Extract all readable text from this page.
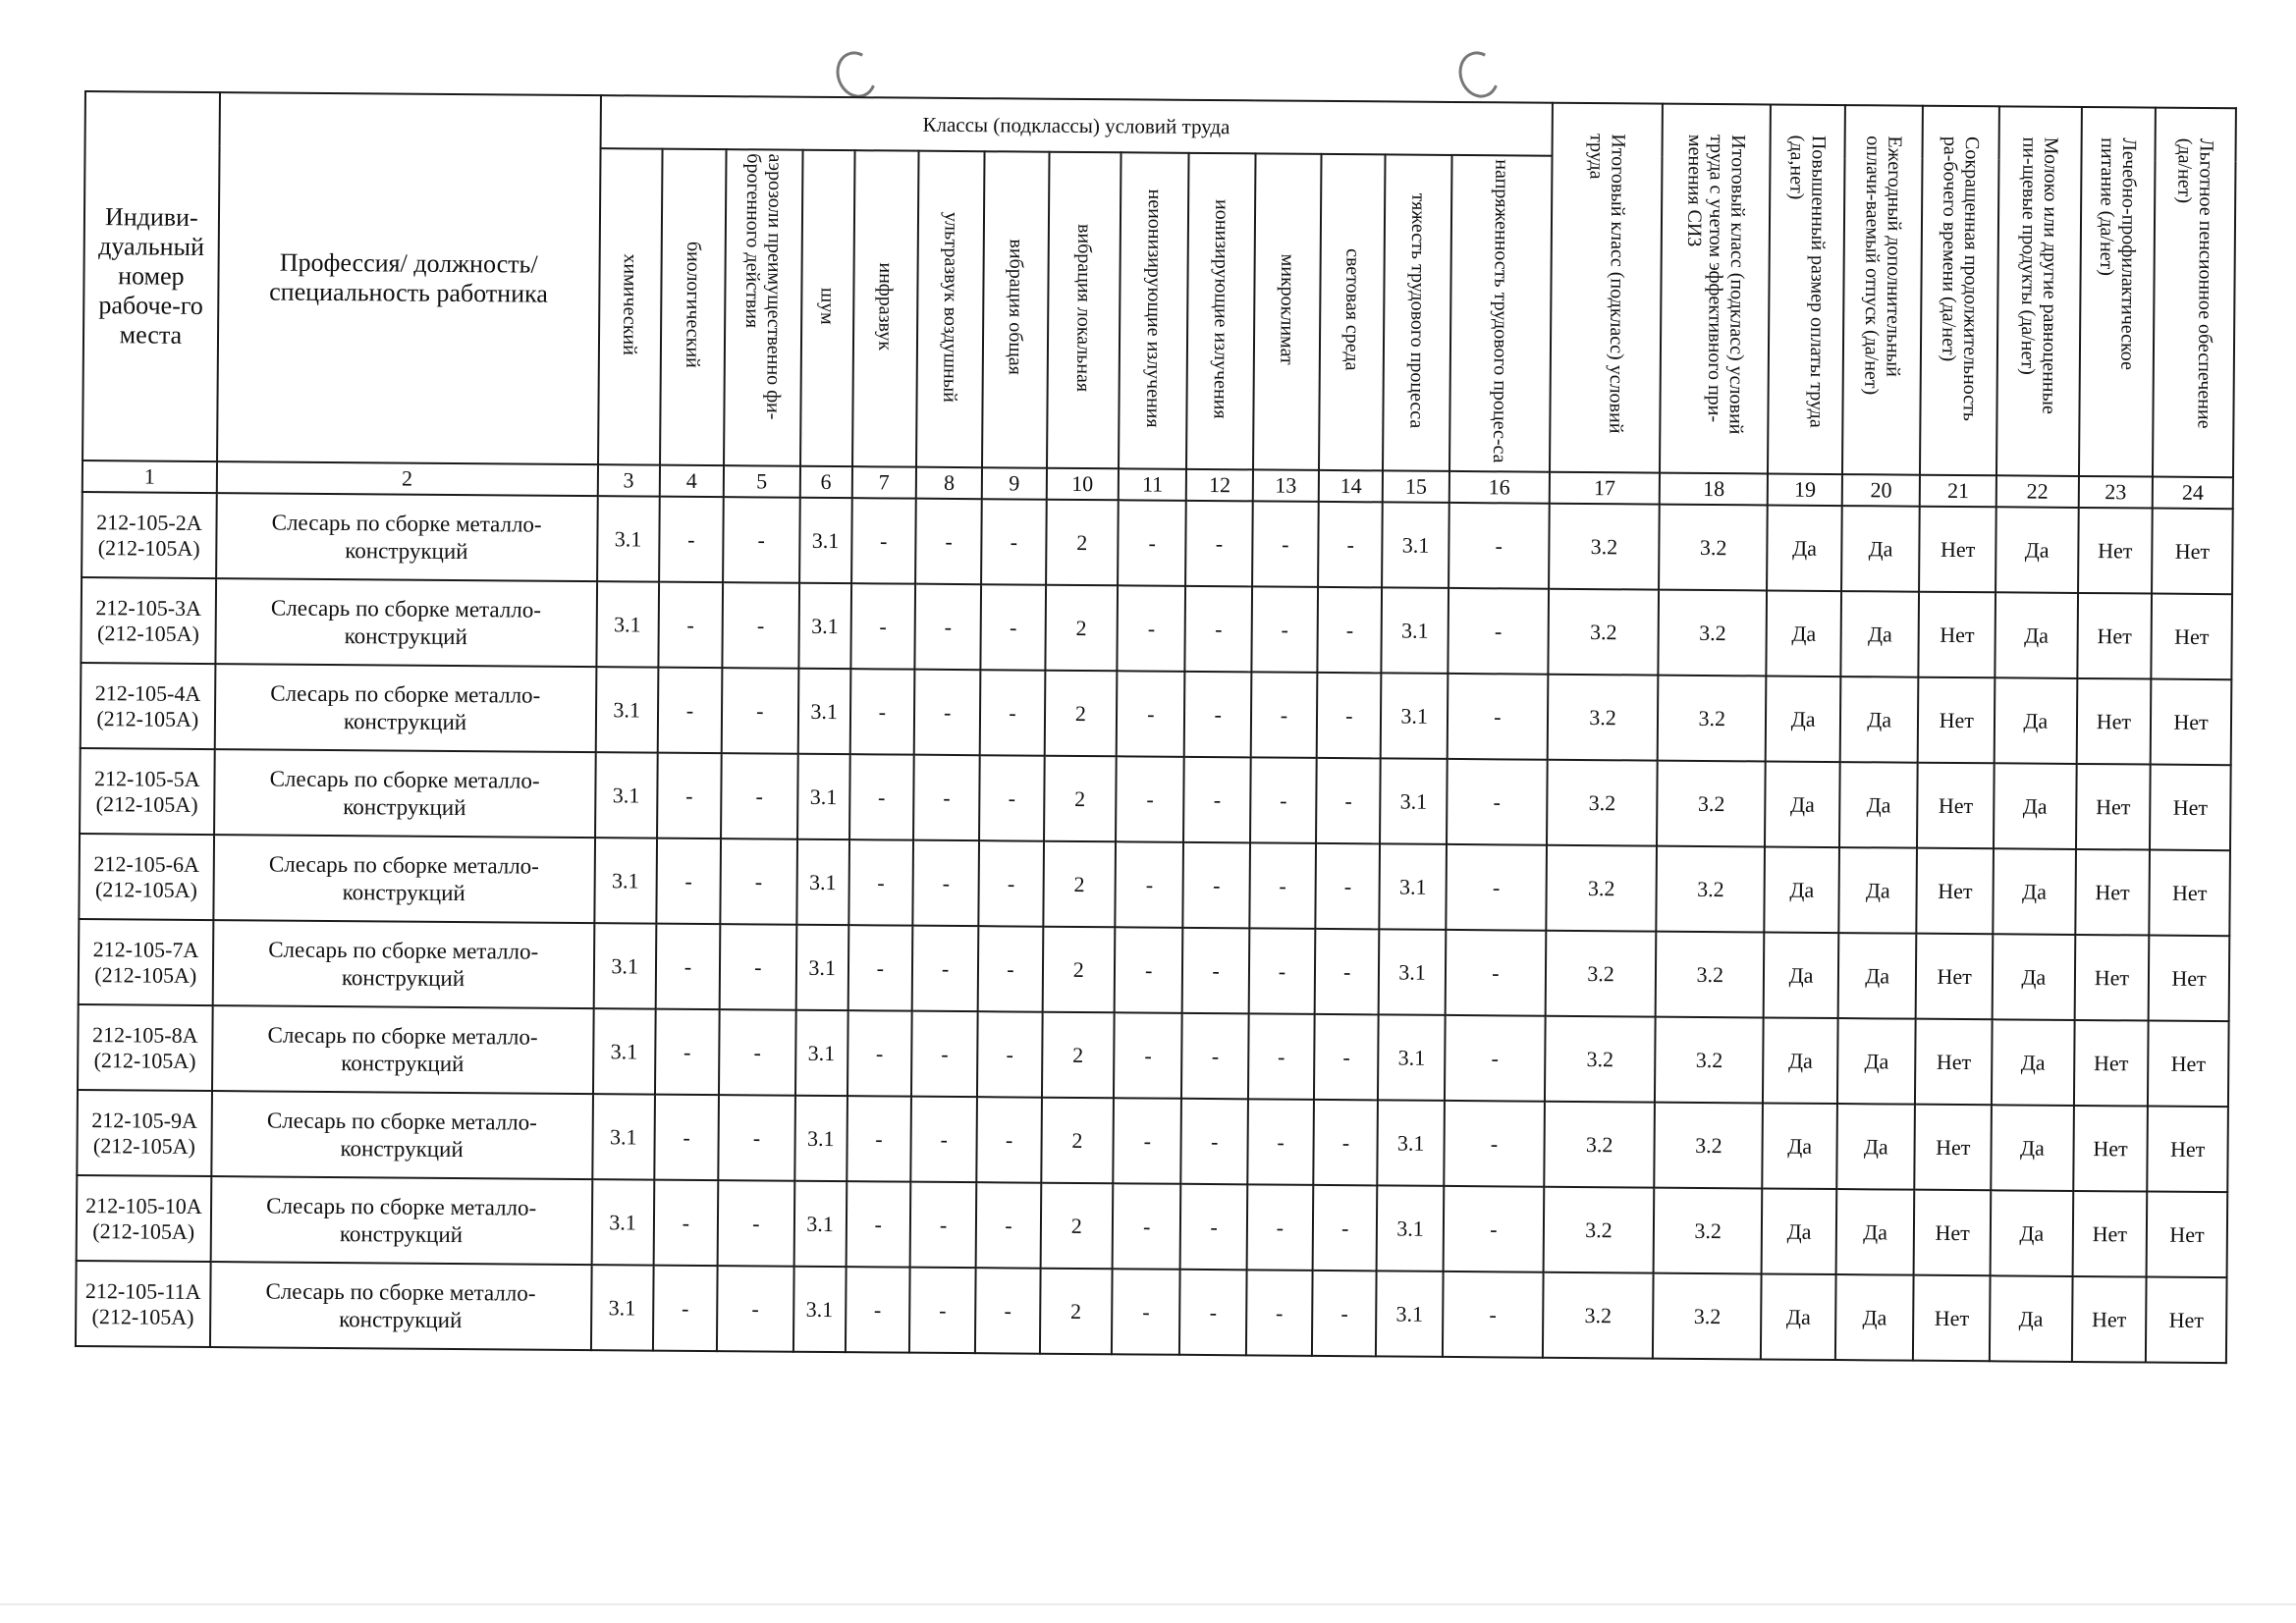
Индиви-дуальный номер рабоче-го места	Профессия/ должность/ специальность работника	Классы (подклассы) условий труда														Итоговый класс (подкласс) условий труда	Итоговый класс (подкласс) условий труда с учетом эффективного при-менения СИЗ	Повышенный размер оплаты труда (да,нет)	Ежегодный дополнительный оплачи-ваемый отпуск (да/нет)	Сокращенная продолжительность ра-бочего времени (да/нет)	Молоко или другие равноценные пи-щевые продукты (да/нет)	Лечебно-профилактическое питание (да/нет)	Льготное пенсионное обеспечение (да/нет)
		химический	биологический	аэрозоли преимущественно фи-брогенного действия	шум	инфразвук	ультразвук воздушный	вибрация общая	вибрация локальная	неионизирующие излучения	ионизирующие излучения	микроклимат	световая среда	тяжесть трудового процесса	напряженность трудового процес-са								
1	2	3	4	5	6	7	8	9	10	11	12	13	14	15	16	17	18	19	20	21	22	23	24
212-105-2А (212-105А)	Слесарь по сборке металло-конструкций	3.1	-	-	3.1	-	-	-	2	-	-	-	-	3.1	-	3.2	3.2	Да	Да	Нет	Да	Нет	Нет
212-105-3А (212-105А)	Слесарь по сборке металло-конструкций	3.1	-	-	3.1	-	-	-	2	-	-	-	-	3.1	-	3.2	3.2	Да	Да	Нет	Да	Нет	Нет
212-105-4А (212-105А)	Слесарь по сборке металло-конструкций	3.1	-	-	3.1	-	-	-	2	-	-	-	-	3.1	-	3.2	3.2	Да	Да	Нет	Да	Нет	Нет
212-105-5А (212-105А)	Слесарь по сборке металло-конструкций	3.1	-	-	3.1	-	-	-	2	-	-	-	-	3.1	-	3.2	3.2	Да	Да	Нет	Да	Нет	Нет
212-105-6А (212-105А)	Слесарь по сборке металло-конструкций	3.1	-	-	3.1	-	-	-	2	-	-	-	-	3.1	-	3.2	3.2	Да	Да	Нет	Да	Нет	Нет
212-105-7А (212-105А)	Слесарь по сборке металло-конструкций	3.1	-	-	3.1	-	-	-	2	-	-	-	-	3.1	-	3.2	3.2	Да	Да	Нет	Да	Нет	Нет
212-105-8А (212-105А)	Слесарь по сборке металло-конструкций	3.1	-	-	3.1	-	-	-	2	-	-	-	-	3.1	-	3.2	3.2	Да	Да	Нет	Да	Нет	Нет
212-105-9А (212-105А)	Слесарь по сборке металло-конструкций	3.1	-	-	3.1	-	-	-	2	-	-	-	-	3.1	-	3.2	3.2	Да	Да	Нет	Да	Нет	Нет
212-105-10А (212-105А)	Слесарь по сборке металло-конструкций	3.1	-	-	3.1	-	-	-	2	-	-	-	-	3.1	-	3.2	3.2	Да	Да	Нет	Да	Нет	Нет
212-105-11А (212-105А)	Слесарь по сборке металло-конструкций	3.1	-	-	3.1	-	-	-	2	-	-	-	-	3.1	-	3.2	3.2	Да	Да	Нет	Да	Нет	Нет
